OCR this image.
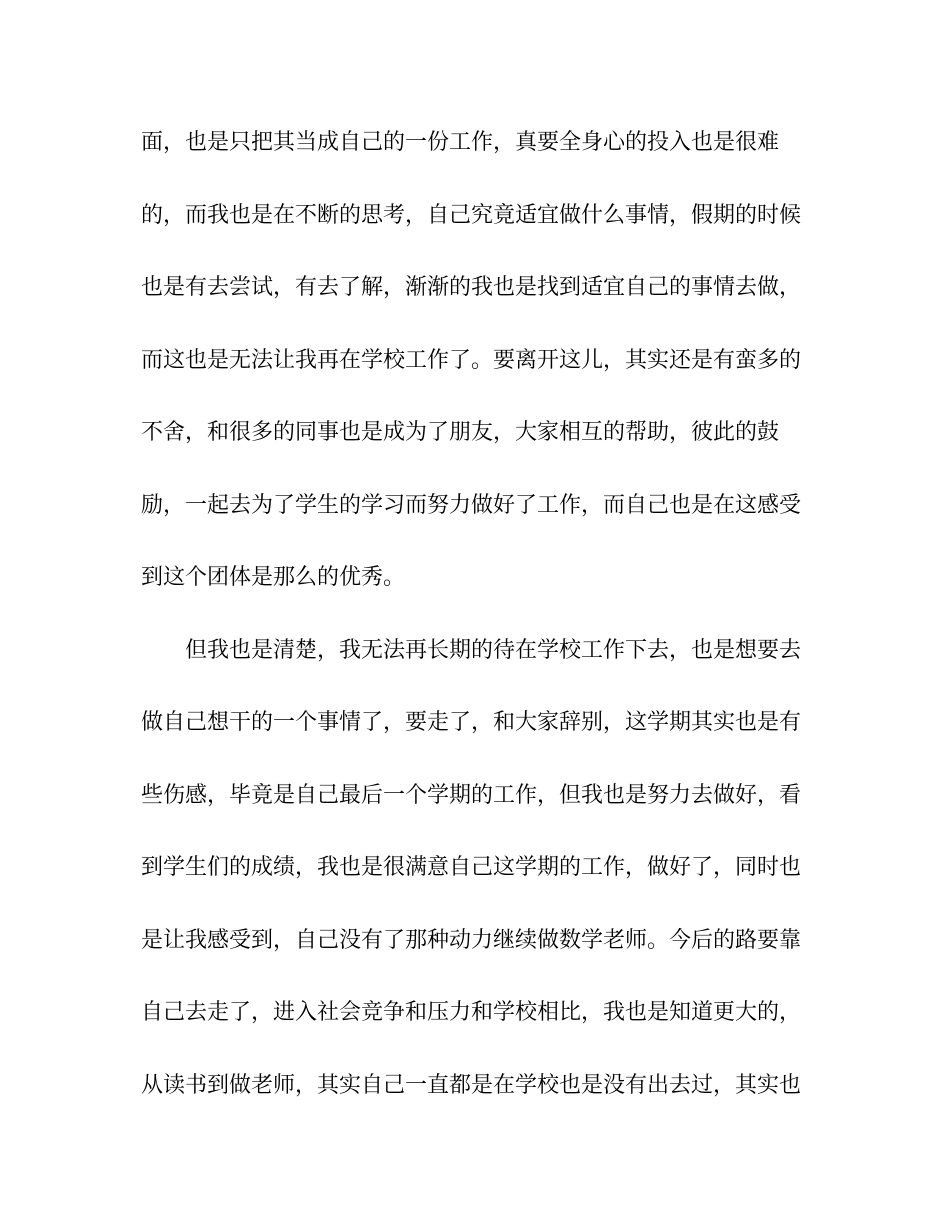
面，也是只把其当成自己的一份工作，真要全身心的投入也是很难
的，而我也是在不断的思考，自己究竟适宜做什么事情，假期的时候
也是有去尝试，有去了解，渐渐的我也是找到适宜自己的事情去做，
而这也是无法让我再在学校工作了。要离开这儿，其实还是有蛮多的
不舍，和很多的同事也是成为了朋友，大家相互的帮助，彼此的鼓
励，一起去为了学生的学习而努力做好了工作，而自己也是在这感受
到这个团体是那么的优秀。
但我也是清楚，我无法再长期的待在学校工作下去，也是想要去
做自己想干的一个事情了，要走了，和大家辞别，这学期其实也是有
些伤感，毕竟是自己最后一个学期的工作，但我也是努力去做好，看
到学生们的成绩，我也是很满意自己这学期的工作，做好了，同时也
是让我感受到，自己没有了那种动力继续做数学老师。今后的路要靠
自己去走了，进入社会竞争和压力和学校相比，我也是知道更大的，
从读书到做老师，其实自己一直都是在学校也是没有出去过，其实也
